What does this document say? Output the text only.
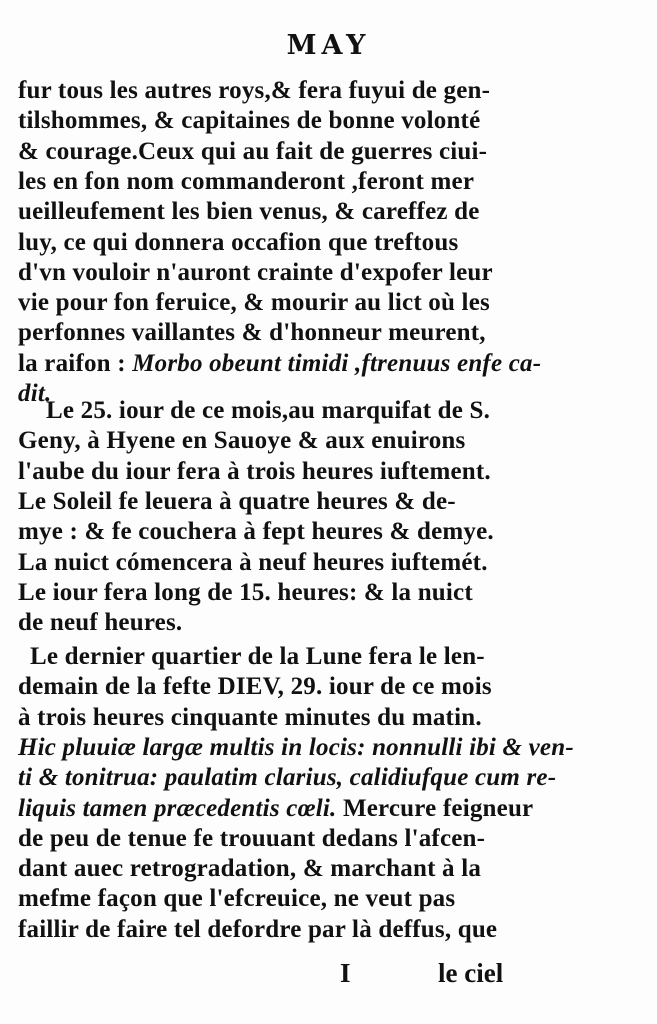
MAY
fur tous les autres roys,& fera fuyui de gen-
tilshommes, & capitaines de bonne volonté
& courage.Ceux qui au fait de guerres ciui-
les en fon nom commanderont ,feront mer
ueilleufement les bien venus, & careffez de
luy, ce qui donnera occafion que treftous
d'vn vouloir n'auront crainte d'expofer leur
vie pour fon feruice, & mourir au lict où les
perfonnes vaillantes & d'honneur meurent,
la raifon : Morbo obeunt timidi ,ftrenuus enfe ca-
dit.
Le 25. iour de ce mois,au marquifat de S.
Geny, à Hyene en Sauoye & aux enuirons
l'aube du iour fera à trois heures iuftement.
Le Soleil fe leuera à quatre heures & de-
mye : & fe couchera à fept heures & demye.
La nuict cómencera à neuf heures iuftemét.
Le iour fera long de 15. heures: & la nuict
de neuf heures.
Le dernier quartier de la Lune fera le len-
demain de la fefte DIEV, 29. iour de ce mois
à trois heures cinquante minutes du matin.
Hic pluuiæ largæ multis in locis: nonnulli ibi & ven-
ti & tonitrua: paulatim clarius, calidiufque cum re-
liquis tamen præcedentis cœli. Mercure feigneur
de peu de tenue fe trouuant dedans l'afcen-
dant auec retrogradation, & marchant à la
mefme façon que l'efcreuice, ne veut pas
faillir de faire tel defordre par là deffus, que
I	le ciel
